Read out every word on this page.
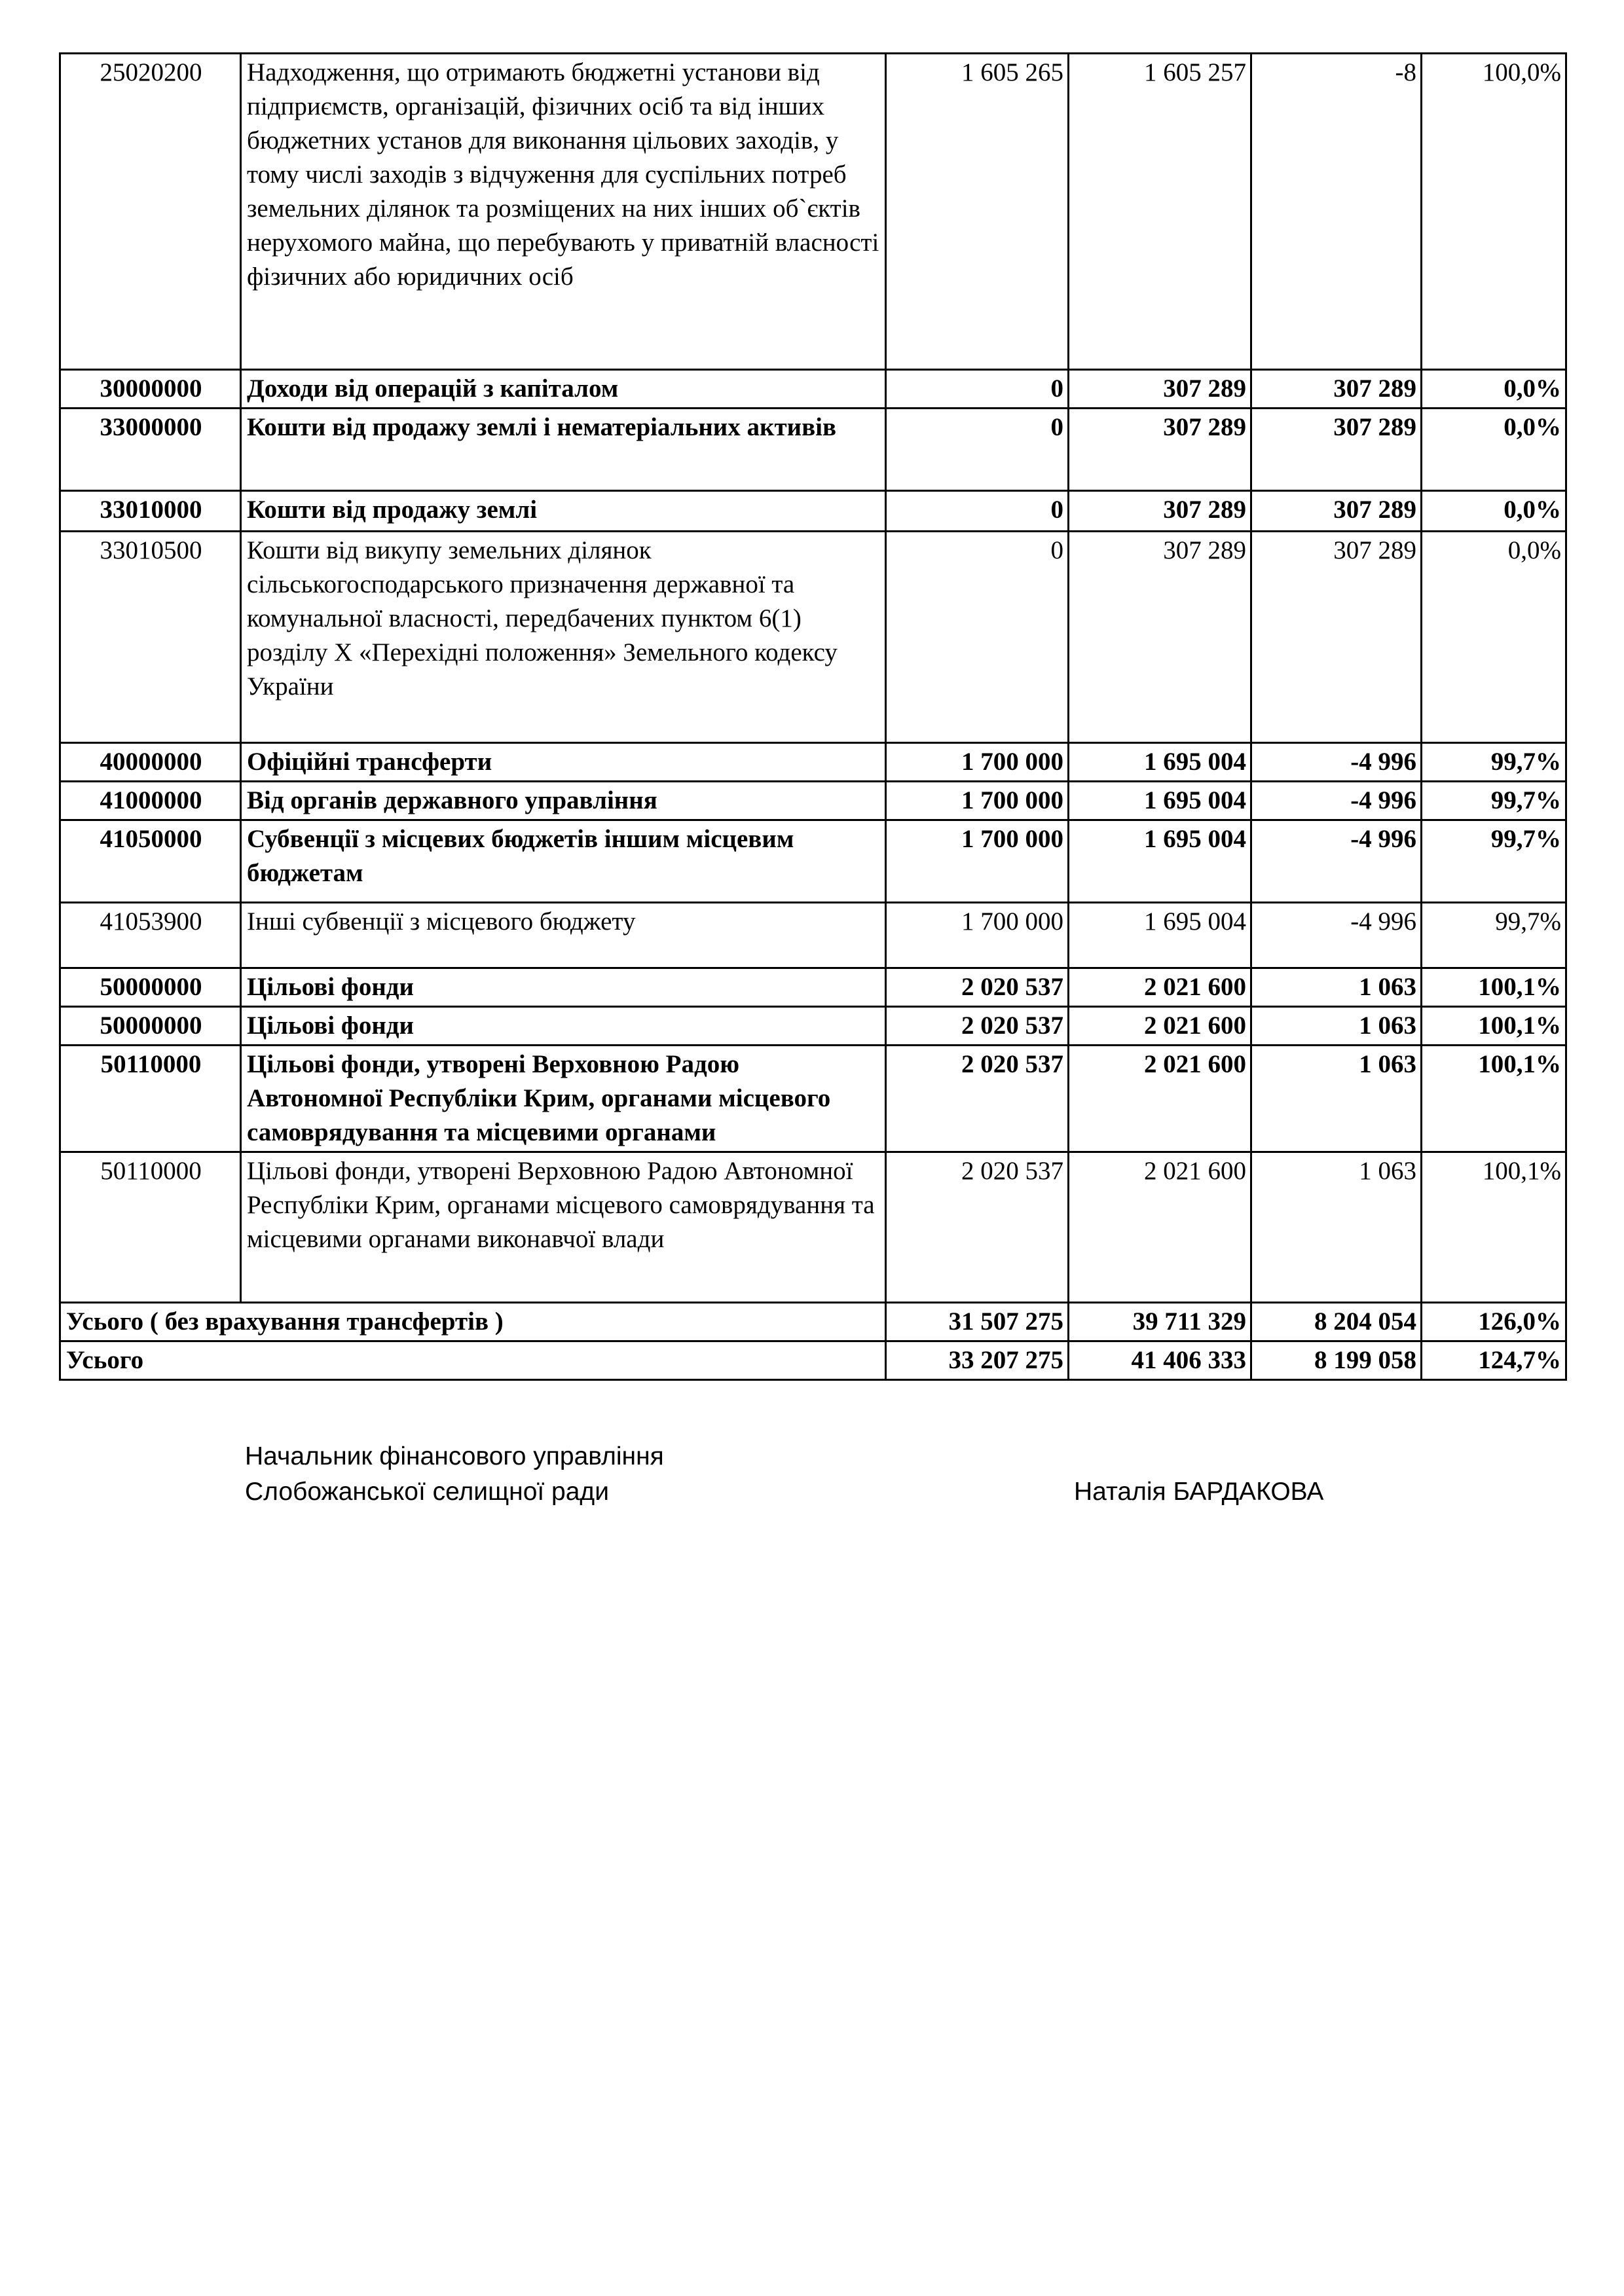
25020200	Надходження, що отримають бюджетні установи від підприємств, організацій, фізичних осіб та від інших бюджетних установ для виконання цільових заходів, у тому числі заходів з відчуження для суспільних потреб земельних ділянок та розміщених на них інших об`єктів нерухомого майна, що перебувають у приватній власності фізичних або юридичних осіб	1 605 265	1 605 257	-8	100,0%
30000000	Доходи від операцій з капіталом	0	307 289	307 289	0,0%
33000000	Кошти від продажу землі і нематеріальних активів	0	307 289	307 289	0,0%
33010000	Кошти від продажу землі	0	307 289	307 289	0,0%
33010500	Кошти від викупу земельних ділянок сільськогосподарського призначення державної та комунальної власності, передбачених пунктом 6(1) розділу Х «Перехідні положення» Земельного кодексу України	0	307 289	307 289	0,0%
40000000	Офіційні трансферти	1 700 000	1 695 004	-4 996	99,7%
41000000	Від органів державного управління	1 700 000	1 695 004	-4 996	99,7%
41050000	Субвенції з місцевих бюджетів іншим місцевим бюджетам	1 700 000	1 695 004	-4 996	99,7%
41053900	Інші субвенції з місцевого бюджету	1 700 000	1 695 004	-4 996	99,7%
50000000	Цільові фонди	2 020 537	2 021 600	1 063	100,1%
50000000	Цільові фонди	2 020 537	2 021 600	1 063	100,1%
50110000	Цільові фонди, утворені Верховною Радою Автономної Республіки Крим, органами місцевого самоврядування та місцевими органами	2 020 537	2 021 600	1 063	100,1%
50110000	Цільові фонди, утворені Верховною Радою Автономної Республіки Крим, органами місцевого самоврядування та місцевими органами виконавчої влади	2 020 537	2 021 600	1 063	100,1%
Усього ( без врахування трансфертів )		31 507 275	39 711 329	8 204 054	126,0%
Усього		33 207 275	41 406 333	8 199 058	124,7%
Начальник фінансового управління
Слобожанської селищної ради	Наталія БАРДАКОВА
